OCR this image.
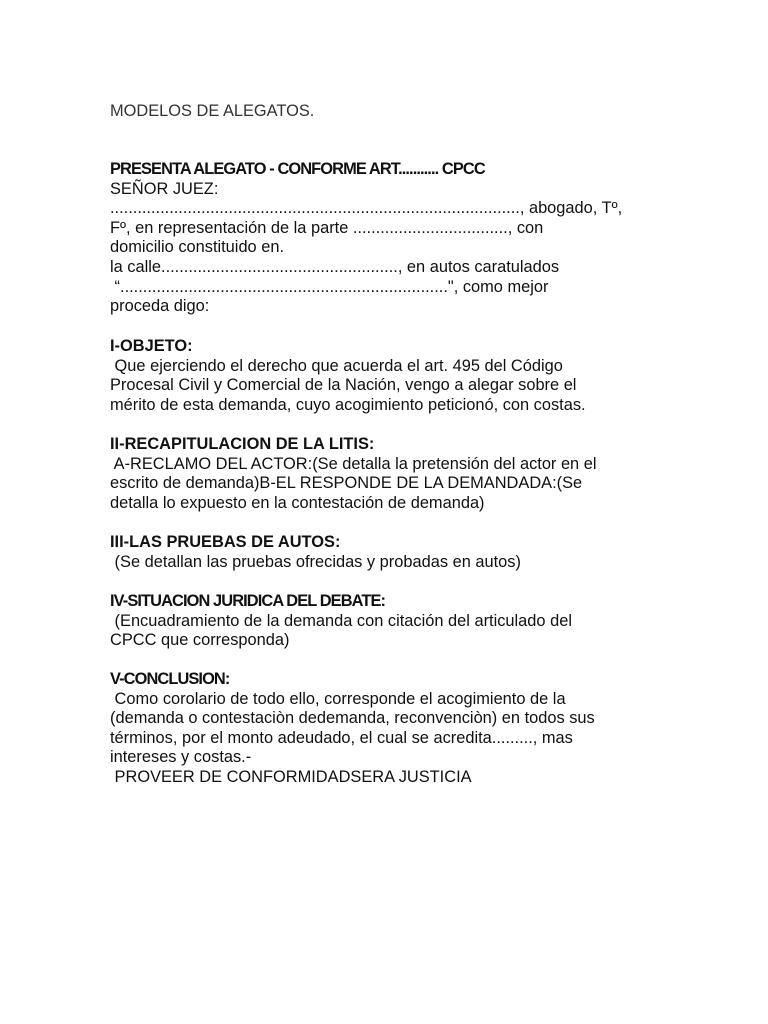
MODELOS DE ALEGATOS.
PRESENTA ALEGATO - CONFORME ART........... CPCC
SEÑOR JUEZ:
.........................................................................................., abogado, Tº,
Fº, en representación de la parte .................................., con
domicilio constituido en.
la calle...................................................., en autos caratulados
“........................................................................", como mejor
proceda digo:
I-OBJETO:
Que ejerciendo el derecho que acuerda el art. 495 del Código
Procesal Civil y Comercial de la Nación, vengo a alegar sobre el
mérito de esta demanda, cuyo acogimiento peticionó, con costas.
II-RECAPITULACION DE LA LITIS:
A-RECLAMO DEL ACTOR:(Se detalla la pretensión del actor en el
escrito de demanda)B-EL RESPONDE DE LA DEMANDADA:(Se
detalla lo expuesto en la contestación de demanda)
III-LAS PRUEBAS DE AUTOS:
(Se detallan las pruebas ofrecidas y probadas en autos)
IV-SITUACION JURIDICA DEL DEBATE:
(Encuadramiento de la demanda con citación del articulado del
CPCC que corresponda)
V-CONCLUSION:
Como corolario de todo ello, corresponde el acogimiento de la
(demanda o contestaciòn dedemanda, reconvenciòn) en todos sus
términos, por el monto adeudado, el cual se acredita........., mas
intereses y costas.-
PROVEER DE CONFORMIDADSERA JUSTICIA
